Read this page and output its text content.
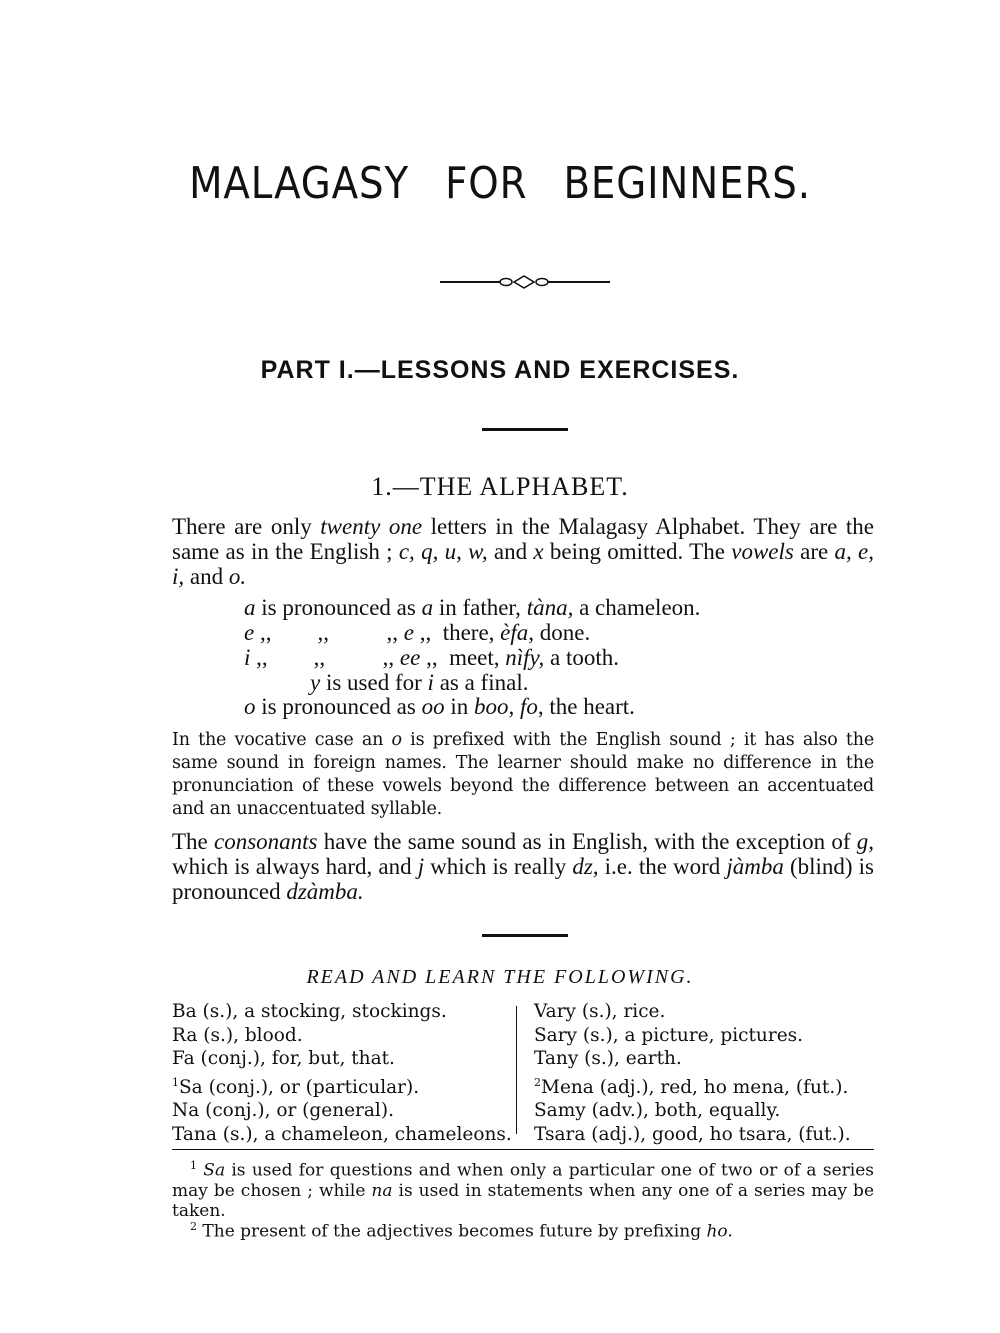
MALAGASY FOR BEGINNERS.
PART I.—LESSONS AND EXERCISES.
1.—THE ALPHABET.
There are only twenty one letters in the Malagasy Alphabet. They are the same as in the English ; c, q, u, w, and x being omitted. The vowels are a, e, i, and o.
a is pronounced as a in father, tàna, a chameleon.
e ,,        ,,          ,, e ,,  there, èfa, done.
i ,,        ,,          ,, ee ,,  meet, nìfy, a tooth.
y is used for i as a final.
o is pronounced as oo in boo, fo, the heart.
In the vocative case an o is prefixed with the English sound ; it has also the same sound in foreign names. The learner should make no difference in the pronunciation of these vowels beyond the difference between an accentuated and an unaccentuated syllable.
The consonants have the same sound as in English, with the exception of g, which is always hard, and j which is really dz, i.e. the word jàmba (blind) is pronounced dzàmba.
READ AND LEARN THE FOLLOWING.
Ba (s.), a stocking, stockings.
Ra (s.), blood.
Fa (conj.), for, but, that.
$^1$Sa (conj.), or (particular).
Na (conj.), or (general).
Tana (s.), a chameleon, chameleons.
Vary (s.), rice.
Sary (s.), a picture, pictures.
Tany (s.), earth.
$^2$Mena (adj.), red, ho mena, (fut.).
Samy (adv.), both, equally.
Tsara (adj.), good, ho tsara, (fut.).
$^1$ Sa is used for questions and when only a particular one of two or of a series may be chosen ; while na is used in statements when any one of a series may be taken.
$^2$ The present of the adjectives becomes future by prefixing ho.
